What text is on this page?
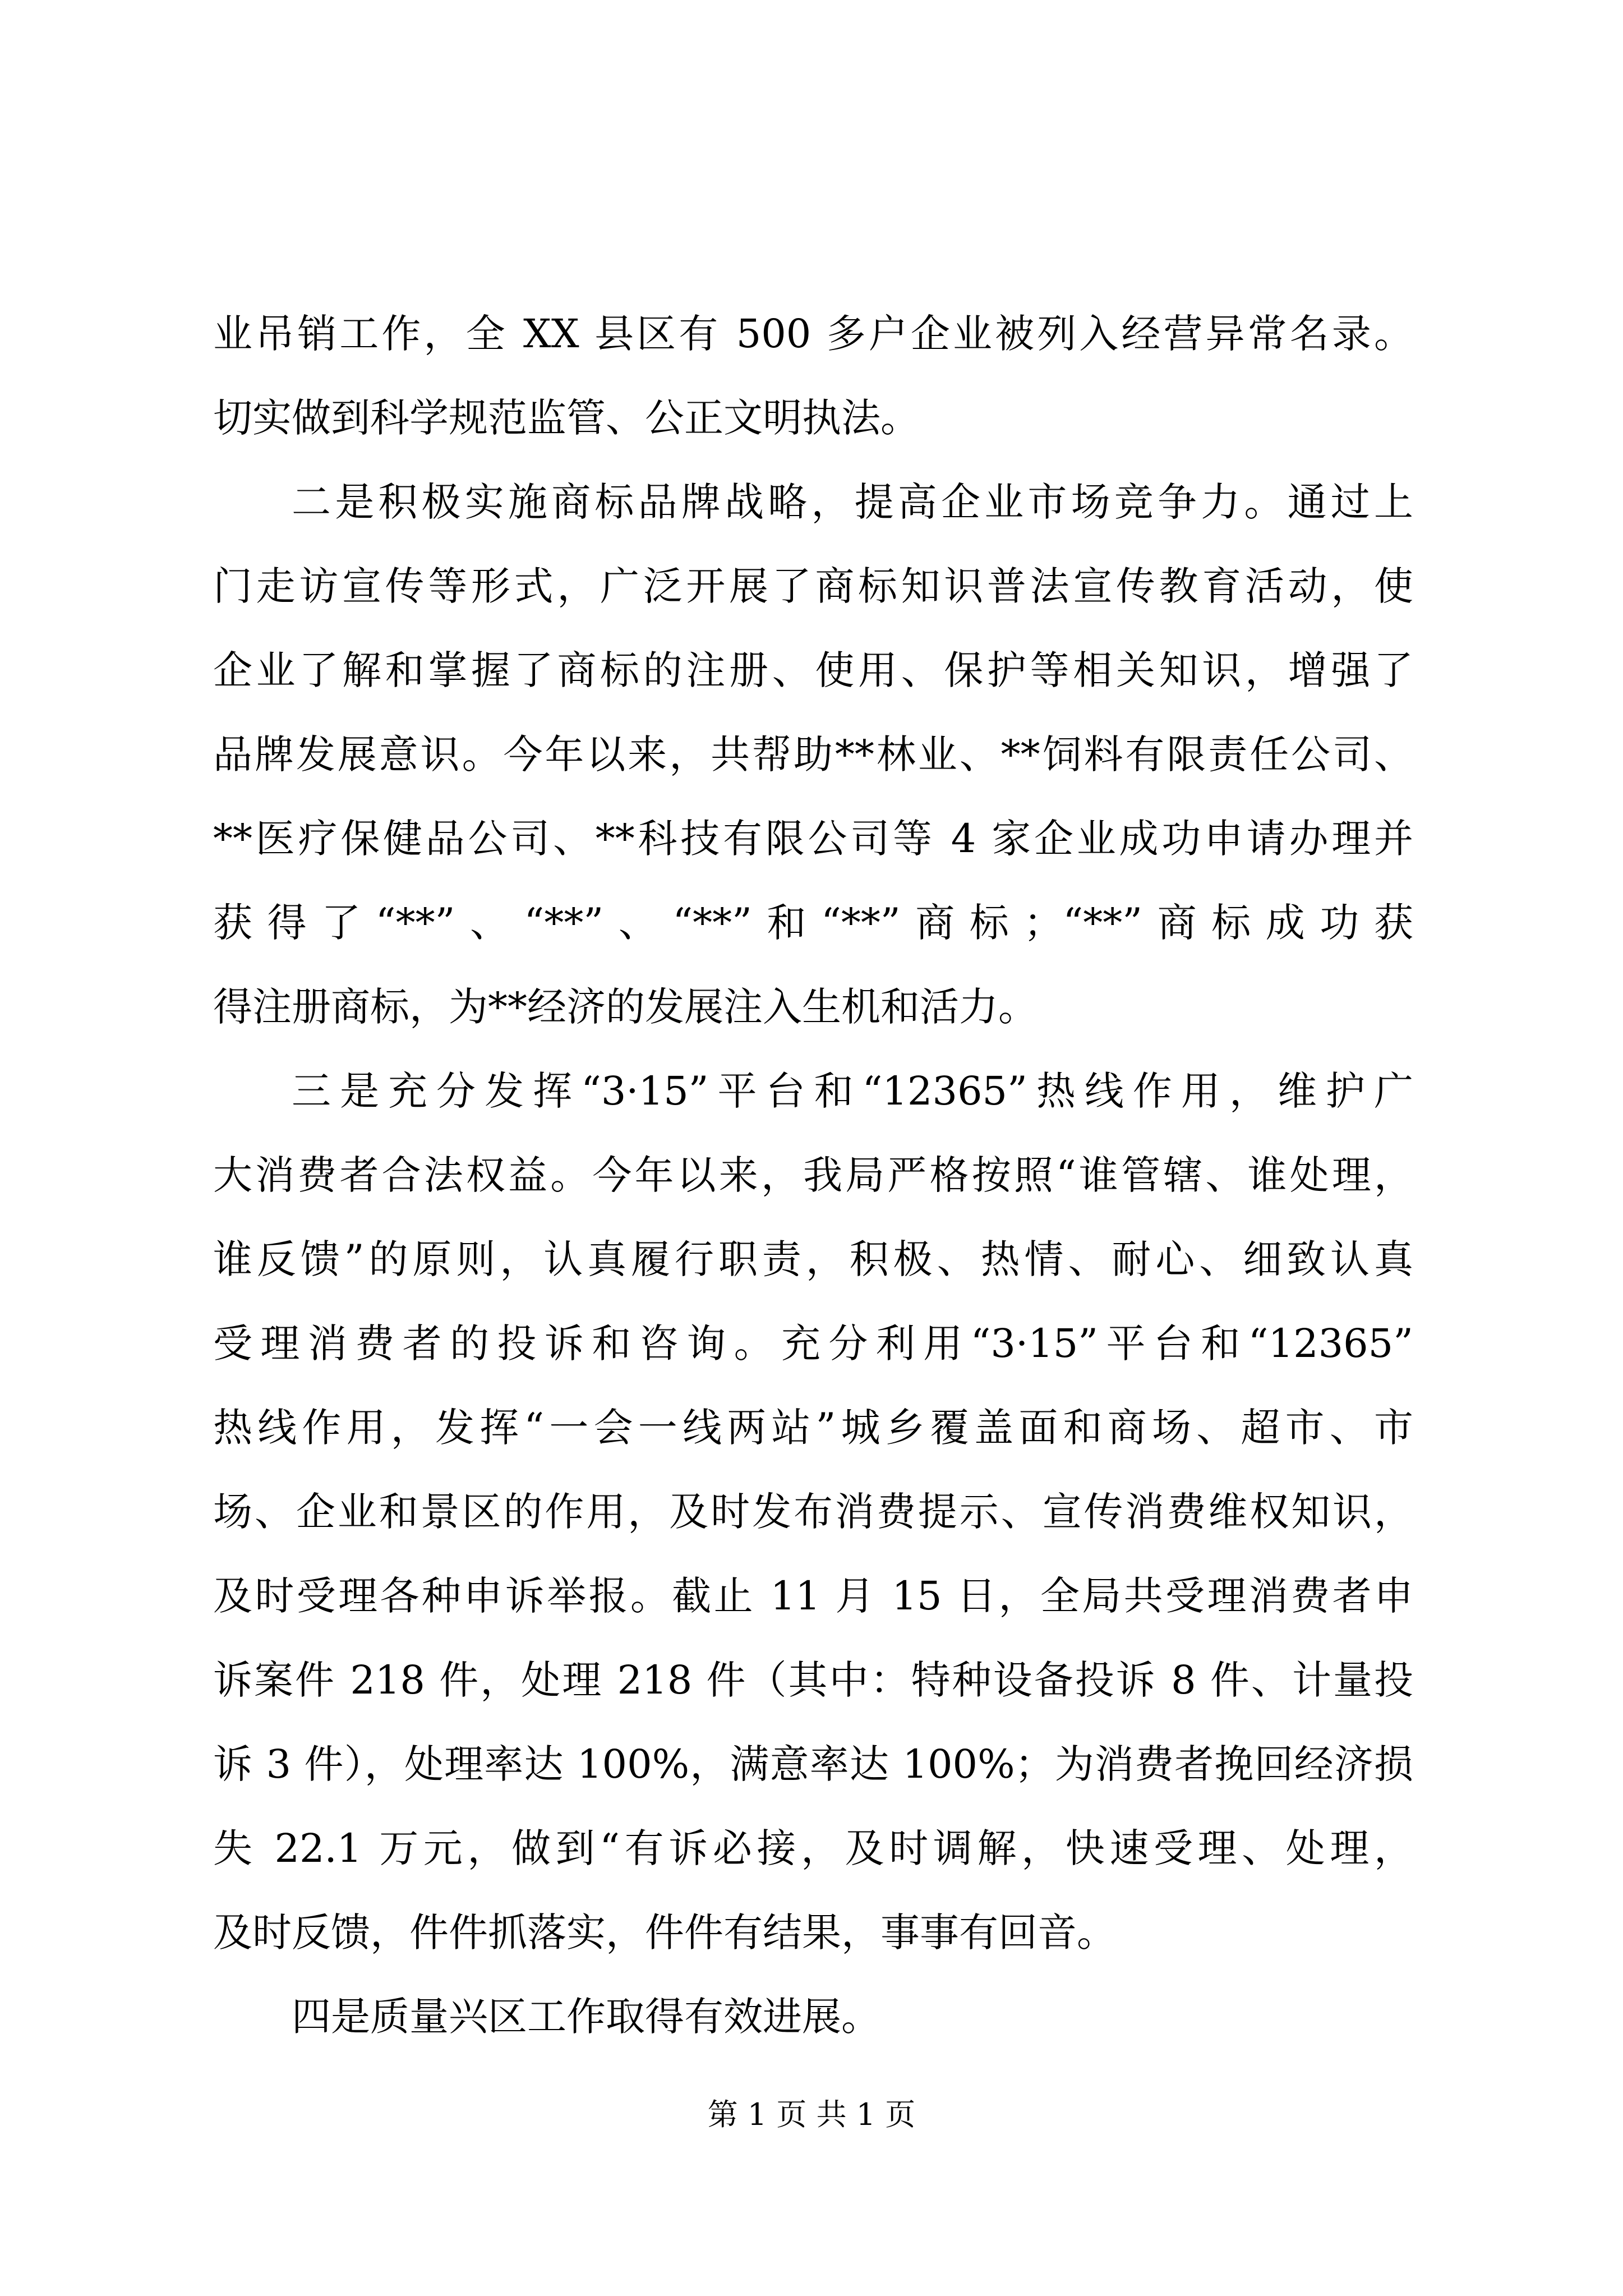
业吊销工作，全 XX 县区有 500 多户企业被列入经营异常名录。
切实做到科学规范监管、公正文明执法。
二是积极实施商标品牌战略，提高企业市场竞争力。通过上
门走访宣传等形式，广泛开展了商标知识普法宣传教育活动，使
企业了解和掌握了商标的注册、使用、保护等相关知识，增强了
品牌发展意识。今年以来，共帮助**林业、**饲料有限责任公司、
**医疗保健品公司、**科技有限公司等 4 家企业成功申请办理并
获得了“**”、“**”、“**”和“**”商标；“**”商标成功获
得注册商标，为**经济的发展注入生机和活力。
三是充分发挥“3·15”平台和“12365”热线作用，维护广
大消费者合法权益。今年以来，我局严格按照“谁管辖、谁处理，
谁反馈”的原则，认真履行职责，积极、热情、耐心、细致认真
受理消费者的投诉和咨询。充分利用“3·15”平台和“12365”
热线作用，发挥“一会一线两站”城乡覆盖面和商场、超市、市
场、企业和景区的作用，及时发布消费提示、宣传消费维权知识，
及时受理各种申诉举报。截止 11 月 15 日，全局共受理消费者申
诉案件 218 件，处理 218 件（其中：特种设备投诉 8 件、计量投
诉 3 件），处理率达 100%，满意率达 100%；为消费者挽回经济损
失 22.1 万元，做到“有诉必接，及时调解，快速受理、处理，
及时反馈，件件抓落实，件件有结果，事事有回音。
四是质量兴区工作取得有效进展。
第 1 页 共 1 页
